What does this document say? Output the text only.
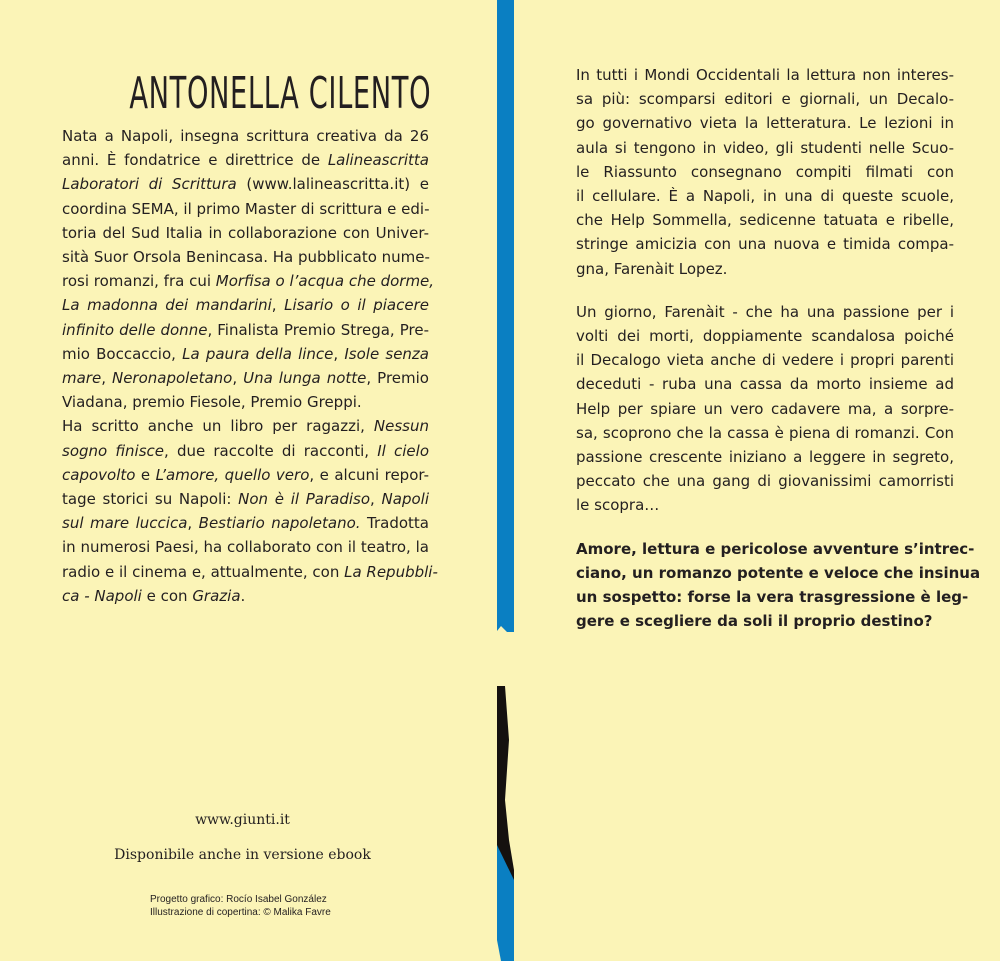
ANTONELLA CILENTO
Nata a Napoli, insegna scrittura creativa da 26
anni. È fondatrice e direttrice de Lalineascritta
Laboratori di Scrittura (www.lalineascritta.it) e
coordina SEMA, il primo Master di scrittura e edi-
toria del Sud Italia in collaborazione con Univer-
sità Suor Orsola Benincasa. Ha pubblicato nume-
rosi romanzi, fra cui Morfisa o l’acqua che dorme,
La madonna dei mandarini, Lisario o il piacere
infinito delle donne, Finalista Premio Strega, Pre-
mio Boccaccio, La paura della lince, Isole senza
mare, Neronapoletano, Una lunga notte, Premio
Viadana, premio Fiesole, Premio Greppi.
Ha scritto anche un libro per ragazzi, Nessun
sogno finisce, due raccolte di racconti, Il cielo
capovolto e L’amore, quello vero, e alcuni repor-
tage storici su Napoli: Non è il Paradiso, Napoli
sul mare luccica, Bestiario napoletano. Tradotta
in numerosi Paesi, ha collaborato con il teatro, la
radio e il cinema e, attualmente, con La Repubbli-
ca - Napoli e con Grazia.
www.giunti.it
Disponibile anche in versione ebook
Progetto grafico: Rocío Isabel González
Illustrazione di copertina: © Malika Favre
In tutti i Mondi Occidentali la lettura non interes-
sa più: scomparsi editori e giornali, un Decalo-
go governativo vieta la letteratura. Le lezioni in
aula si tengono in video, gli studenti nelle Scuo-
le Riassunto consegnano compiti filmati con
il cellulare. È a Napoli, in una di queste scuole,
che Help Sommella, sedicenne tatuata e ribelle,
stringe amicizia con una nuova e timida compa-
gna, Farenàit Lopez.
Un giorno, Farenàit - che ha una passione per i
volti dei morti, doppiamente scandalosa poiché
il Decalogo vieta anche di vedere i propri parenti
deceduti - ruba una cassa da morto insieme ad
Help per spiare un vero cadavere ma, a sorpre-
sa, scoprono che la cassa è piena di romanzi. Con
passione crescente iniziano a leggere in segreto,
peccato che una gang di giovanissimi camorristi
le scopra…
Amore, lettura e pericolose avventure s’intrec-
ciano, un romanzo potente e veloce che insinua
un sospetto: forse la vera trasgressione è leg-
gere e scegliere da soli il proprio destino?
